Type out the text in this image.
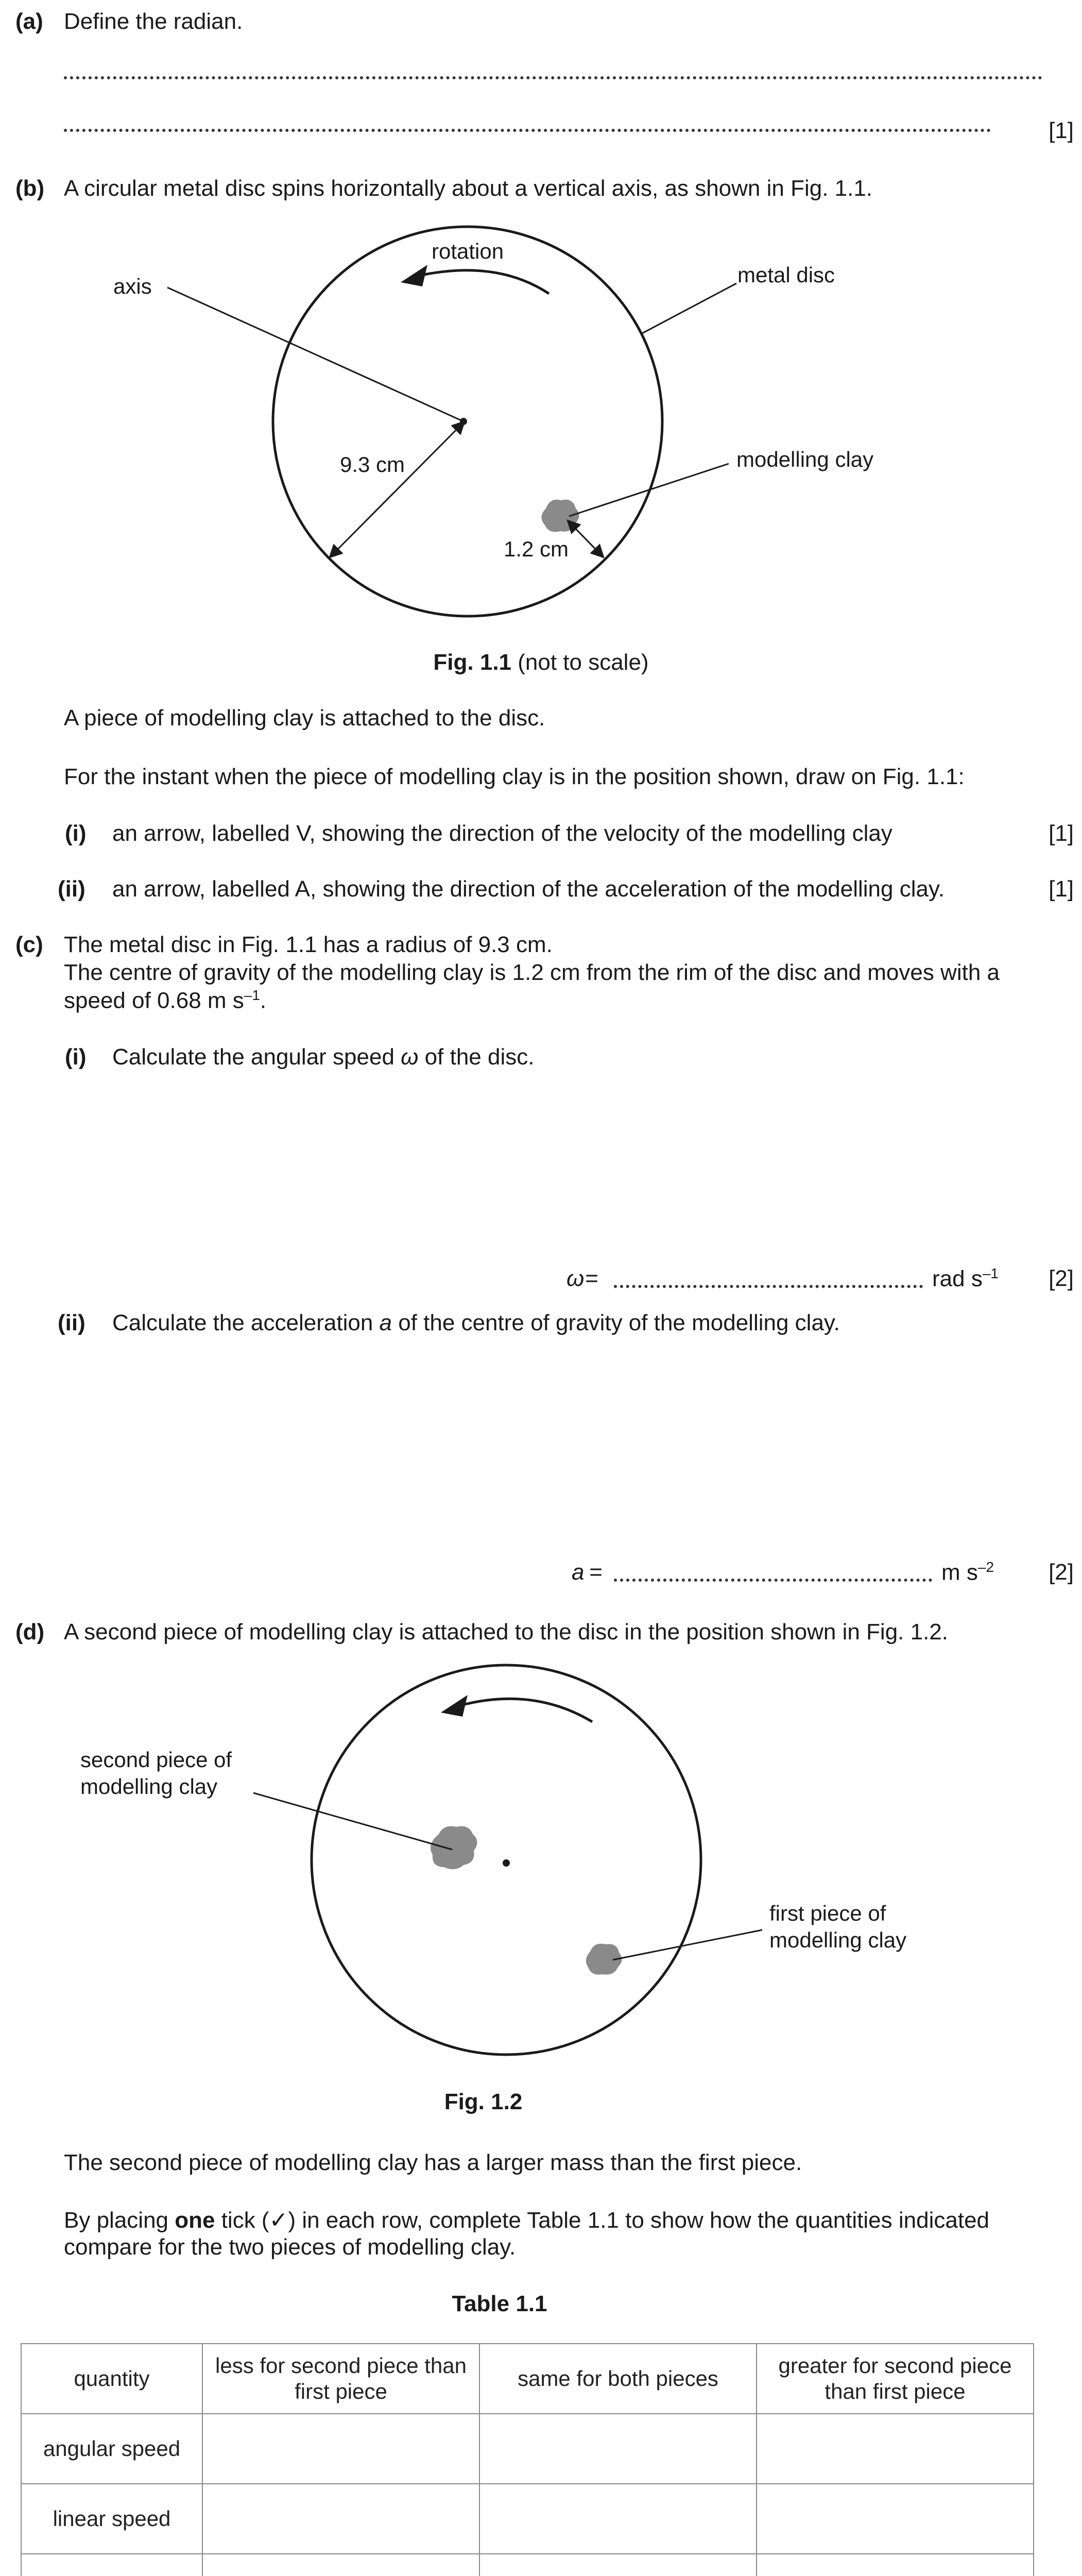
(a) Define the radian.
[1]
(b) A circular metal disc spins horizontally about a vertical axis, as shown in Fig. 1.1.
rotation
axis	metal disc
modelling clay
9.3 cm
1.2 cm
Fig. 1.1 (not to scale)
A piece of modelling clay is attached to the disc.
For the instant when the piece of modelling clay is in the position shown, draw on Fig. 1.1:
(i) an arrow, labelled V, showing the direction of the velocity of the modelling clay	[1]
(ii) an arrow, labelled A, showing the direction of the acceleration of the modelling clay.	[1]
(c) The metal disc in Fig. 1.1 has a radius of 9.3 cm.
The centre of gravity of the modelling clay is 1.2 cm from the rim of the disc and moves with a
speed of 0.68 m $s^{-1}$.
(i) Calculate the angular speed ω of the disc.
ω
=	rad $s^{-1}$ [2]
(ii) Calculate the acceleration a of the centre of gravity of the modelling clay.
a
=	m $s^{-2}$ [2]
(d) A second piece of modelling clay is attached to the disc in the position shown in Fig. 1.2.
second piece of
modelling clay
first piece of
modelling clay
Fig. 1.2
The second piece of modelling clay has a larger mass than the first piece.
By placing one tick (✓) in each row, complete Table 1.1 to show how the quantities indicated
compare for the two pieces of modelling clay.
Table 1.1
quantity	less for second piece than first piece	same for both pieces	greater for second piece than first piece
angular speed			
linear speed			
